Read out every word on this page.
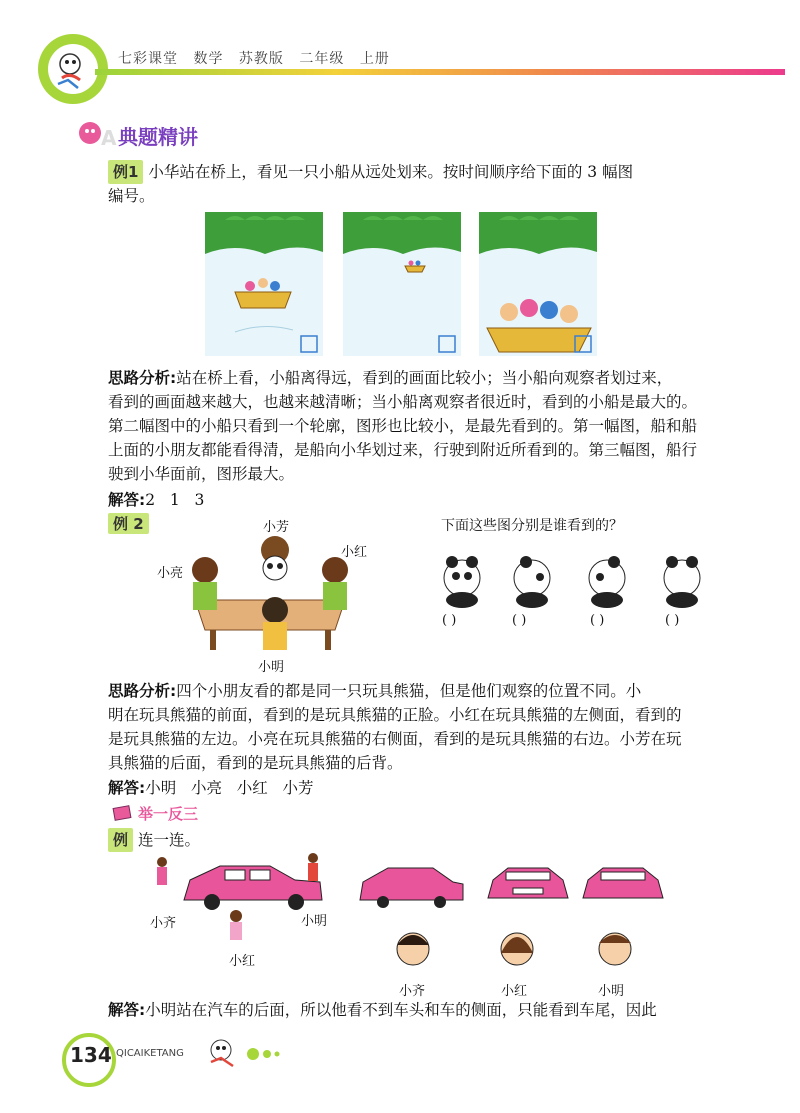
七彩课堂 数学 苏教版 二年级 上册
A 典题精讲
例1 小华站在桥上，看见一只小船从远处划来。按时间顺序给下面的 3 幅图
编号。
思路分析:站在桥上看，小船离得远，看到的画面比较小；当小船向观察者划过来，
看到的画面越来越大，也越来越清晰；当小船离观察者很近时，看到的小船是最大的。
第二幅图中的小船只看到一个轮廓，图形也比较小，是最先看到的。第一幅图，船和船
上面的小朋友都能看得清，是船向小华划过来，行驶到附近所看到的。第三幅图，船行
驶到小华面前，图形最大。
解答:2   1   3
例 2	下面这些图分别是谁看到的？
小芳
小亮
小红
小明
( )	( )	( )	( )
思路分析:四个小朋友看的都是同一只玩具熊猫，但是他们观察的位置不同。小
明在玩具熊猫的前面，看到的是玩具熊猫的正脸。小红在玩具熊猫的左侧面，看到的
是玩具熊猫的左边。小亮在玩具熊猫的右侧面，看到的是玩具熊猫的右边。小芳在玩
具熊猫的后面，看到的是玩具熊猫的后背。
解答:小明   小亮   小红   小芳
举一反三
例 连一连。
小齐	小明
小红
小齐	小红	小明
解答:小明站在汽车的后面，所以他看不到车头和车的侧面，只能看到车尾，因此
134 QICAIKETANG
